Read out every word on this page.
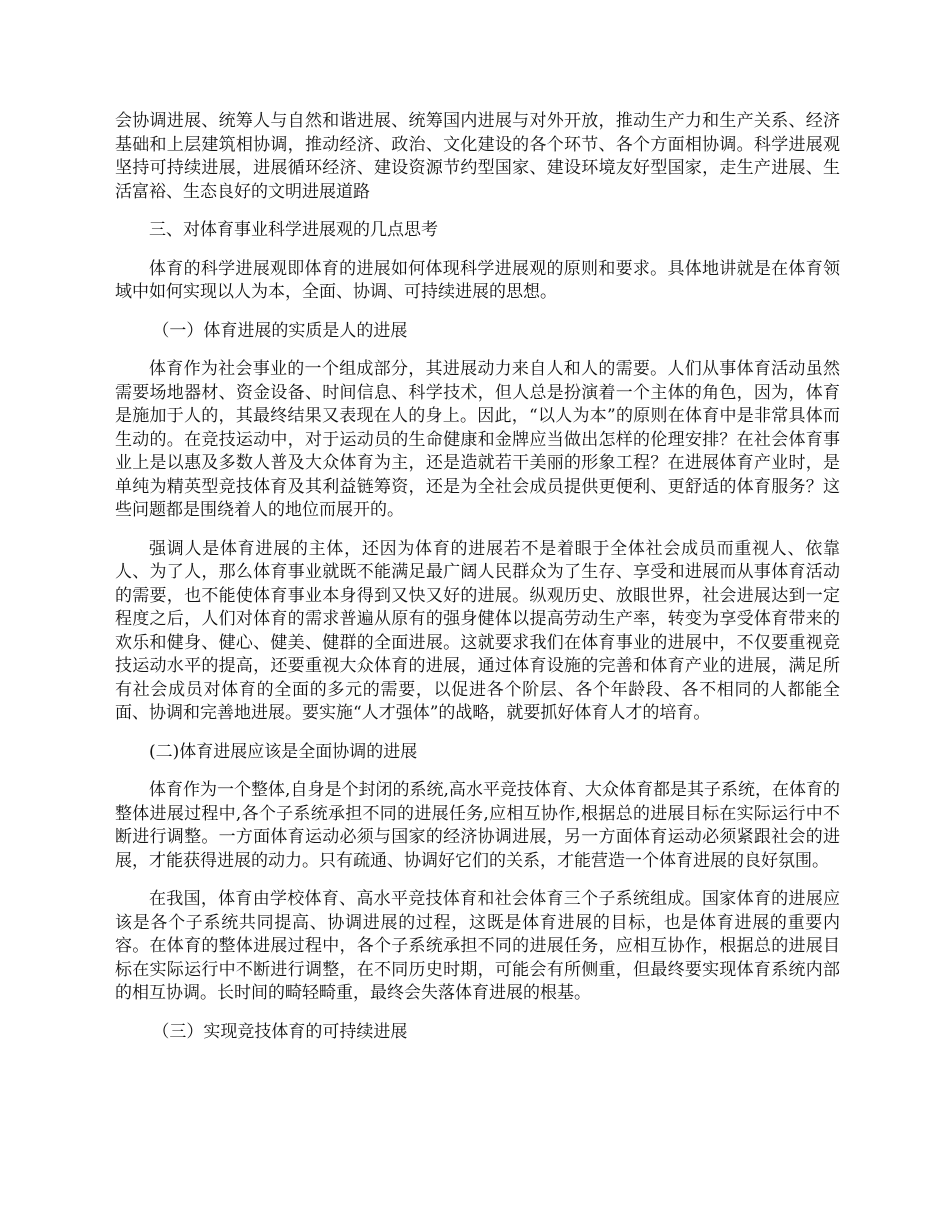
会协调进展、统筹人与自然和谐进展、统筹国内进展与对外开放，推动生产力和生产关系、经济基础和上层建筑相协调，推动经济、政治、文化建设的各个环节、各个方面相协调。科学进展观坚持可持续进展，进展循环经济、建设资源节约型国家、建设环境友好型国家，走生产进展、生活富裕、生态良好的文明进展道路

三、对体育事业科学进展观的几点思考

体育的科学进展观即体育的进展如何体现科学进展观的原则和要求。具体地讲就是在体育领域中如何实现以人为本，全面、协调、可持续进展的思想。

（一）体育进展的实质是人的进展

体育作为社会事业的一个组成部分，其进展动力来自人和人的需要。人们从事体育活动虽然需要场地器材、资金设备、时间信息、科学技术，但人总是扮演着一个主体的角色，因为，体育是施加于人的，其最终结果又表现在人的身上。因此，“以人为本”的原则在体育中是非常具体而生动的。在竞技运动中，对于运动员的生命健康和金牌应当做出怎样的伦理安排？在社会体育事业上是以惠及多数人普及大众体育为主，还是造就若干美丽的形象工程？在进展体育产业时，是单纯为精英型竞技体育及其利益链筹资，还是为全社会成员提供更便利、更舒适的体育服务？这些问题都是围绕着人的地位而展开的。

强调人是体育进展的主体，还因为体育的进展若不是着眼于全体社会成员而重视人、依靠人、为了人，那么体育事业就既不能满足最广阔人民群众为了生存、享受和进展而从事体育活动的需要，也不能使体育事业本身得到又快又好的进展。纵观历史、放眼世界，社会进展达到一定程度之后，人们对体育的需求普遍从原有的强身健体以提高劳动生产率，转变为享受体育带来的欢乐和健身、健心、健美、健群的全面进展。这就要求我们在体育事业的进展中，不仅要重视竞技运动水平的提高，还要重视大众体育的进展，通过体育设施的完善和体育产业的进展，满足所有社会成员对体育的全面的多元的需要，以促进各个阶层、各个年龄段、各不相同的人都能全面、协调和完善地进展。要实施“人才强体”的战略，就要抓好体育人才的培育。

(二)体育进展应该是全面协调的进展

体育作为一个整体,自身是个封闭的系统,高水平竞技体育、大众体育都是其子系统，在体育的整体进展过程中,各个子系统承担不同的进展任务,应相互协作,根据总的进展目标在实际运行中不断进行调整。一方面体育运动必须与国家的经济协调进展，另一方面体育运动必须紧跟社会的进展，才能获得进展的动力。只有疏通、协调好它们的关系，才能营造一个体育进展的良好氛围。

在我国，体育由学校体育、高水平竞技体育和社会体育三个子系统组成。国家体育的进展应该是各个子系统共同提高、协调进展的过程，这既是体育进展的目标，也是体育进展的重要内容。在体育的整体进展过程中，各个子系统承担不同的进展任务，应相互协作，根据总的进展目标在实际运行中不断进行调整，在不同历史时期，可能会有所侧重，但最终要实现体育系统内部的相互协调。长时间的畸轻畸重，最终会失落体育进展的根基。

（三）实现竞技体育的可持续进展
